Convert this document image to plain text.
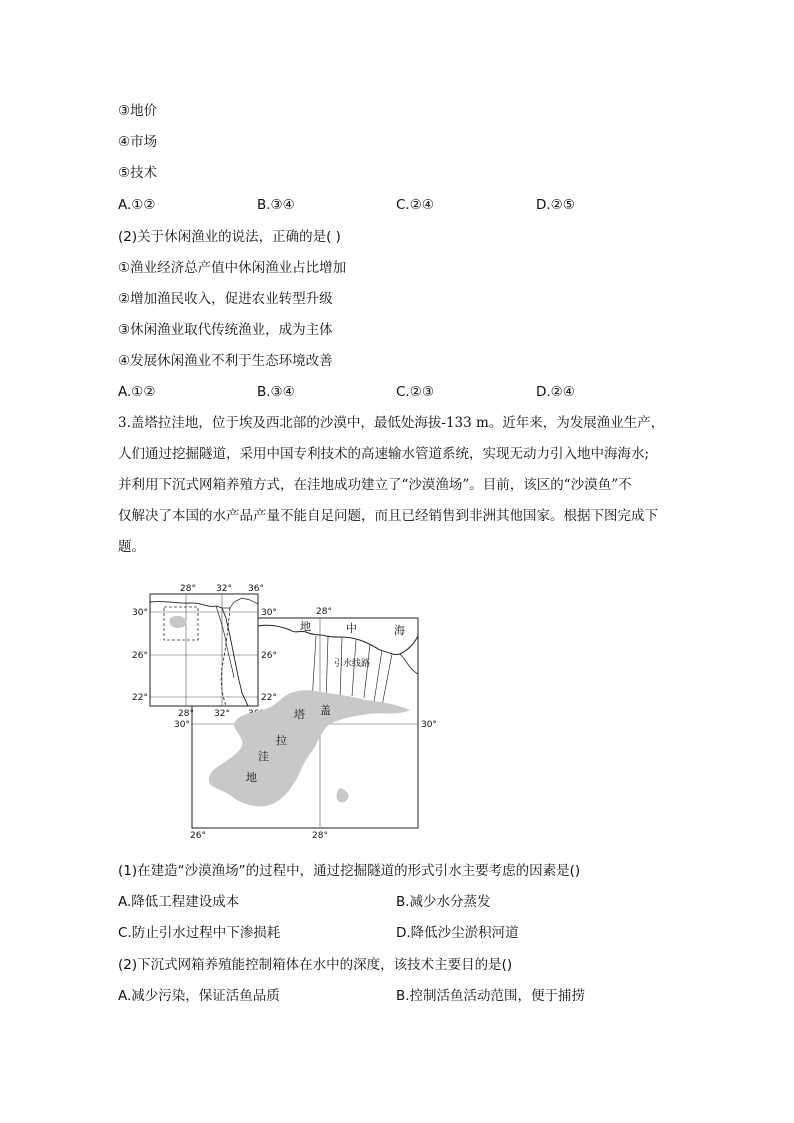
③地价
④市场
⑤技术
A.①②	B.③④	C.②④	D.②⑤
(2)关于休闲渔业的说法，正确的是( )
①渔业经济总产值中休闲渔业占比增加
②增加渔民收入，促进农业转型升级
③休闲渔业取代传统渔业，成为主体
④发展休闲渔业不利于生态环境改善
A.①②	B.③④	C.②③	D.②④
3.盖塔拉洼地，位于埃及西北部的沙漠中，最低处海拔-133 m。近年来，为发展渔业生产，
人们通过挖掘隧道，采用中国专利技术的高速输水管道系统，实现无动力引入地中海海水;
并利用下沉式网箱养殖方式，在洼地成功建立了“沙漠渔场”。目前，该区的“沙漠鱼”不
仅解决了本国的水产品产量不能自足问题，而且已经销售到非洲其他国家。根据下图完成下
题。
28° 32° 36°
30°
26°
22°
30°
26°
22°
28° 32°
28°
30°	30°
26°	28°
地	中	海
引水线路
塔 盖
拉
洼
地
(1)在建造“沙漠渔场”的过程中，通过挖掘隧道的形式引水主要考虑的因素是()
A.降低工程建设成本	B.减少水分蒸发
C.防止引水过程中下渗损耗	D.降低沙尘淤积河道
(2)下沉式网箱养殖能控制箱体在水中的深度，该技术主要目的是()
A.减少污染，保证活鱼品质	B.控制活鱼活动范围，便于捕捞
